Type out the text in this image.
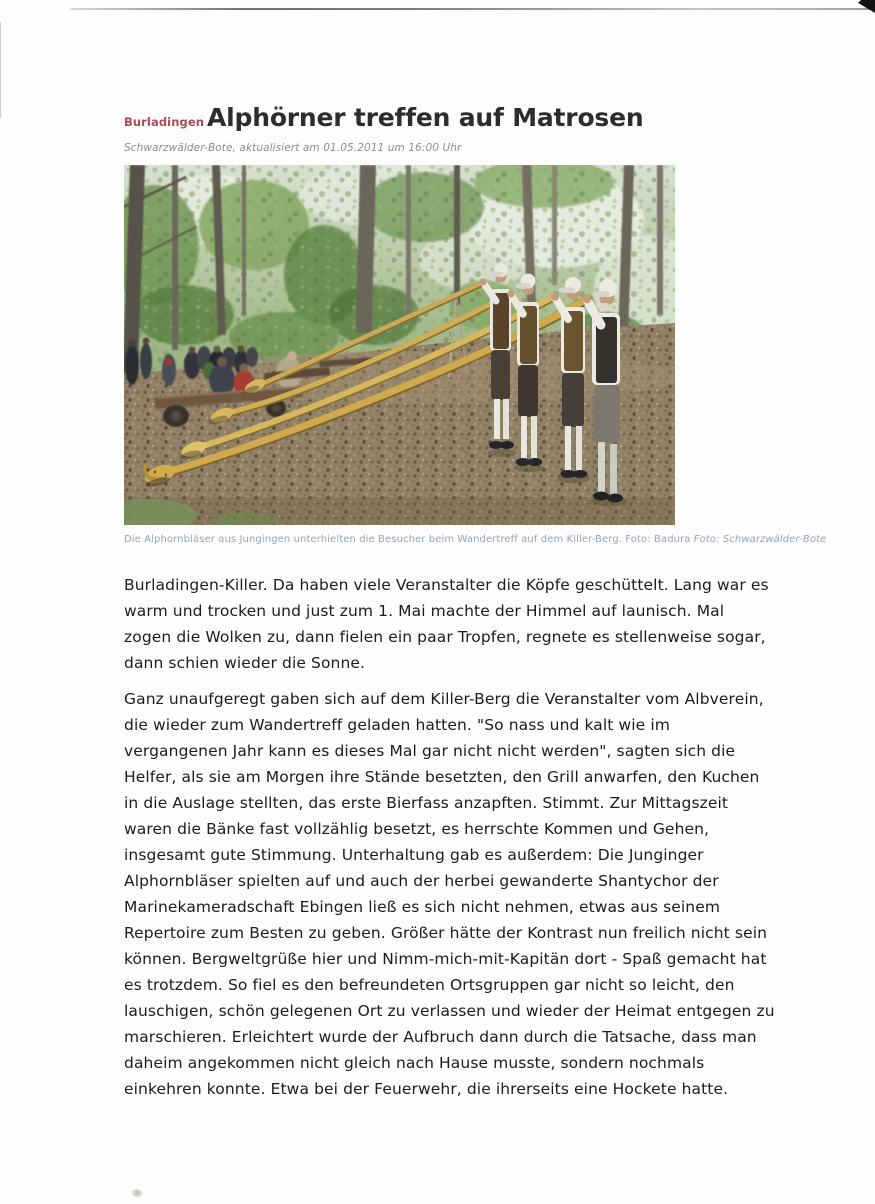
Burladingen Alphörner treffen auf Matrosen
Schwarzwälder-Bote, aktualisiert am 01.05.2011 um 16:00 Uhr
Die Alphornbläser aus Jungingen unterhielten die Besucher beim Wandertreff auf dem Killer-Berg. Foto: Badura Foto: Schwarzwälder-Bote

Burladingen-Killer. Da haben viele Veranstalter die Köpfe geschüttelt. Lang war es warm und trocken und just zum 1. Mai machte der Himmel auf launisch. Mal zogen die Wolken zu, dann fielen ein paar Tropfen, regnete es stellenweise sogar, dann schien wieder die Sonne.

Ganz unaufgeregt gaben sich auf dem Killer-Berg die Veranstalter vom Albverein, die wieder zum Wandertreff geladen hatten. "So nass und kalt wie im vergangenen Jahr kann es dieses Mal gar nicht nicht werden", sagten sich die Helfer, als sie am Morgen ihre Stände besetzten, den Grill anwarfen, den Kuchen in die Auslage stellten, das erste Bierfass anzapften. Stimmt. Zur Mittagszeit waren die Bänke fast vollzählig besetzt, es herrschte Kommen und Gehen, insgesamt gute Stimmung. Unterhaltung gab es außerdem: Die Junginger Alphornbläser spielten auf und auch der herbei gewanderte Shantychor der Marinekameradschaft Ebingen ließ es sich nicht nehmen, etwas aus seinem Repertoire zum Besten zu geben. Größer hätte der Kontrast nun freilich nicht sein können. Bergweltgrüße hier und Nimm-mich-mit-Kapitän dort - Spaß gemacht hat es trotzdem. So fiel es den befreundeten Ortsgruppen gar nicht so leicht, den lauschigen, schön gelegenen Ort zu verlassen und wieder der Heimat entgegen zu marschieren. Erleichtert wurde der Aufbruch dann durch die Tatsache, dass man daheim angekommen nicht gleich nach Hause musste, sondern nochmals einkehren konnte. Etwa bei der Feuerwehr, die ihrerseits eine Hockete hatte.
